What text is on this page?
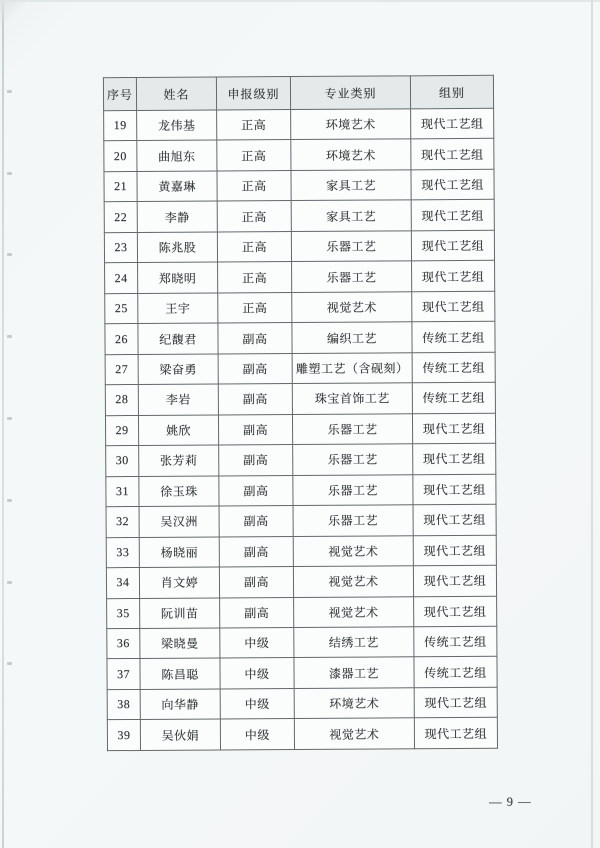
序号	姓名	申报级别	专业类别	组别
19	龙伟基	正高	环境艺术	现代工艺组
20	曲旭东	正高	环境艺术	现代工艺组
21	黄嘉琳	正高	家具工艺	现代工艺组
22	李静	正高	家具工艺	现代工艺组
23	陈兆股	正高	乐器工艺	现代工艺组
24	郑晓明	正高	乐器工艺	现代工艺组
25	王宇	正高	视觉艺术	现代工艺组
26	纪馥君	副高	编织工艺	传统工艺组
27	梁奋勇	副高	雕塑工艺（含砚刻）	传统工艺组
28	李岩	副高	珠宝首饰工艺	传统工艺组
29	姚欣	副高	乐器工艺	现代工艺组
30	张芳莉	副高	乐器工艺	现代工艺组
31	徐玉珠	副高	乐器工艺	现代工艺组
32	吴汉洲	副高	乐器工艺	现代工艺组
33	杨晓丽	副高	视觉艺术	现代工艺组
34	肖文婷	副高	视觉艺术	现代工艺组
35	阮训苗	副高	视觉艺术	现代工艺组
36	梁晓曼	中级	结绣工艺	传统工艺组
37	陈昌聪	中级	漆器工艺	传统工艺组
38	向华静	中级	环境艺术	现代工艺组
39	吴伙娟	中级	视觉艺术	现代工艺组
— 9 —
